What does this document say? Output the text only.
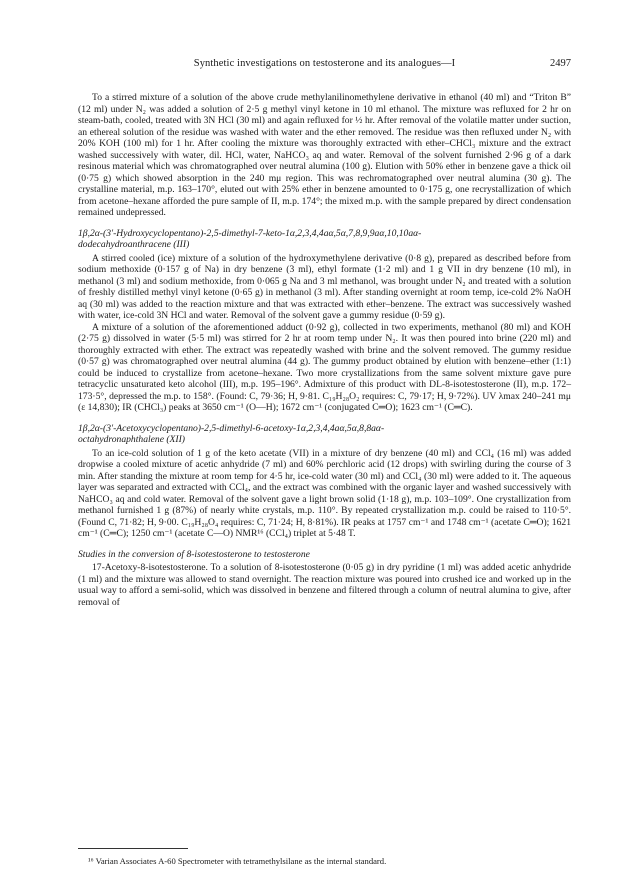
Synthetic investigations on testosterone and its analogues—I	2497

To a stirred mixture of a solution of the above crude methylanilinomethylene derivative in ethanol (40 ml) and “Triton B” (12 ml) under N₂ was added a solution of 2·5 g methyl vinyl ketone in 10 ml ethanol. The mixture was refluxed for 2 hr on steam-bath, cooled, treated with 3N HCl (30 ml) and again refluxed for ½ hr. After removal of the volatile matter under suction, an ethereal solution of the residue was washed with water and the ether removed. The residue was then refluxed under N₂ with 20% KOH (100 ml) for 1 hr. After cooling the mixture was thoroughly extracted with ether–CHCl₃ mixture and the extract washed successively with water, dil. HCl, water, NaHCO₃ aq and water. Removal of the solvent furnished 2·96 g of a dark resinous material which was chromatographed over neutral alumina (100 g). Elution with 50% ether in benzene gave a thick oil (0·75 g) which showed absorption in the 240 mμ region. This was rechromatographed over neutral alumina (30 g). The crystalline material, m.p. 163–170°, eluted out with 25% ether in benzene amounted to 0·175 g, one recrystallization of which from acetone–hexane afforded the pure sample of II, m.p. 174°; the mixed m.p. with the sample prepared by direct condensation remained undepressed.

1β,2α-(3′-Hydroxycyclopentano)-2,5-dimethyl-7-keto-1α,2,3,4,4aα,5α,7,8,9,9aα,10,10aα-
dodecahydroanthracene (III)

A stirred cooled (ice) mixture of a solution of the hydroxymethylene derivative (0·8 g), prepared as described before from sodium methoxide (0·157 g of Na) in dry benzene (3 ml), ethyl formate (1·2 ml) and 1 g VII in dry benzene (10 ml), in methanol (3 ml) and sodium methoxide, from 0·065 g Na and 3 ml methanol, was brought under N₂ and treated with a solution of freshly distilled methyl vinyl ketone (0·65 g) in methanol (3 ml). After standing overnight at room temp, ice-cold 2% NaOH aq (30 ml) was added to the reaction mixture and that was extracted with ether–benzene. The extract was successively washed with water, ice-cold 3N HCl and water. Removal of the solvent gave a gummy residue (0·59 g).

A mixture of a solution of the aforementioned adduct (0·92 g), collected in two experiments, methanol (80 ml) and KOH (2·75 g) dissolved in water (5·5 ml) was stirred for 2 hr at room temp under N₂. It was then poured into brine (220 ml) and thoroughly extracted with ether. The extract was repeatedly washed with brine and the solvent removed. The gummy residue (0·57 g) was chromatographed over neutral alumina (44 g). The gummy product obtained by elution with benzene–ether (1:1) could be induced to crystallize from acetone–hexane. Two more crystallizations from the same solvent mixture gave pure tetracyclic unsaturated keto alcohol (III), m.p. 195–196°. Admixture of this product with DL-8-isotestosterone (II), m.p. 172–173·5°, depressed the m.p. to 158°. (Found: C, 79·36; H, 9·81. C₁₉H₂₈O₂ requires: C, 79·17; H, 9·72%). UV λmax 240–241 mμ (ε 14,830); IR (CHCl₃) peaks at 3650 cm⁻¹ (O—H); 1672 cm⁻¹ (conjugated C═O); 1623 cm⁻¹ (C═C).

1β,2α-(3′-Acetoxycyclopentano)-2,5-dimethyl-6-acetoxy-1α,2,3,4,4aα,5α,8,8aα-
octahydronaphthalene (XII)

To an ice-cold solution of 1 g of the keto acetate (VII) in a mixture of dry benzene (40 ml) and CCl₄ (16 ml) was added dropwise a cooled mixture of acetic anhydride (7 ml) and 60% perchloric acid (12 drops) with swirling during the course of 3 min. After standing the mixture at room temp for 4·5 hr, ice-cold water (30 ml) and CCl₄ (30 ml) were added to it. The aqueous layer was separated and extracted with CCl₄, and the extract was combined with the organic layer and washed successively with NaHCO₃ aq and cold water. Removal of the solvent gave a light brown solid (1·18 g), m.p. 103–109°. One crystallization from methanol furnished 1 g (87%) of nearly white crystals, m.p. 110°. By repeated crystallization m.p. could be raised to 110·5°. (Found C, 71·82; H, 9·00. C₁₉H₂₈O₄ requires: C, 71·24; H, 8·81%). IR peaks at 1757 cm⁻¹ and 1748 cm⁻¹ (acetate C═O); 1621 cm⁻¹ (C═C); 1250 cm⁻¹ (acetate C—O) NMR¹⁶ (CCl₄) triplet at 5·48 T.

Studies in the conversion of 8-isotestosterone to testosterone

17-Acetoxy-8-isotestosterone. To a solution of 8-isotestosterone (0·05 g) in dry pyridine (1 ml) was added acetic anhydride (1 ml) and the mixture was allowed to stand overnight. The reaction mixture was poured into crushed ice and worked up in the usual way to afford a semi-solid, which was dissolved in benzene and filtered through a column of neutral alumina to give, after removal of

¹⁶ Varian Associates A-60 Spectrometer with tetramethylsilane as the internal standard.
